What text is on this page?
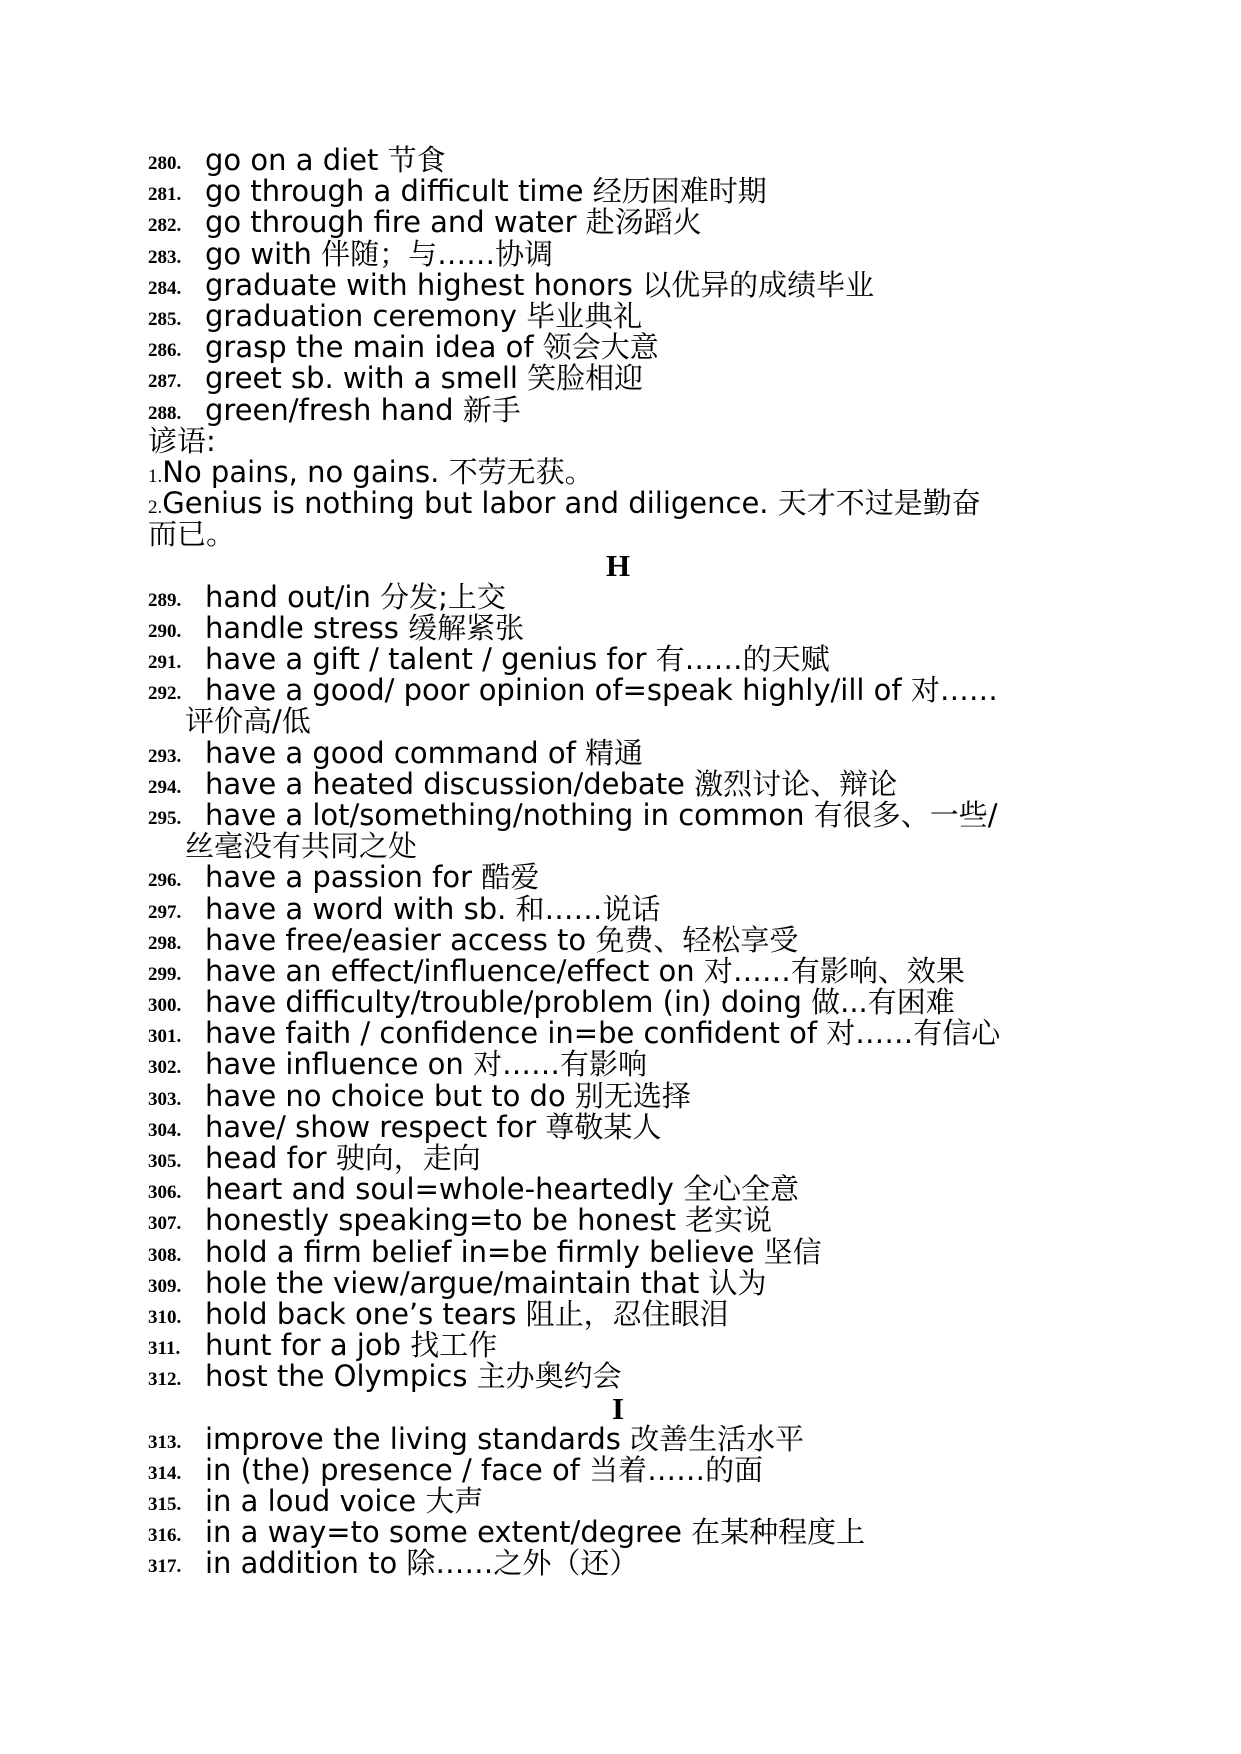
280. go on a diet 节食
281. go through a difficult time 经历困难时期
282. go through fire and water 赴汤蹈火
283. go with 伴随；与……协调
284. graduate with highest honors 以优异的成绩毕业
285. graduation ceremony 毕业典礼
286. grasp the main idea of 领会大意
287. greet sb. with a smell 笑脸相迎
288. green/fresh hand 新手
谚语:
1.No pains, no gains. 不劳无获。
2.Genius is nothing but labor and diligence. 天才不过是勤奋
而已。
H
289. hand out/in 分发;上交
290. handle stress 缓解紧张
291. have a gift / talent / genius for 有……的天赋
292. have a good/ poor opinion of=speak highly/ill of 对……
评价高/低
293. have a good command of 精通
294. have a heated discussion/debate 激烈讨论、辩论
295. have a lot/something/nothing in common 有很多、一些/
丝毫没有共同之处
296. have a passion for 酷爱
297. have a word with sb. 和……说话
298. have free/easier access to 免费、轻松享受
299. have an effect/influence/effect on 对……有影响、效果
300. have difficulty/trouble/problem (in) doing 做...有困难
301. have faith / confidence in=be confident of 对……有信心
302. have influence on 对……有影响
303. have no choice but to do 别无选择
304. have/ show respect for 尊敬某人
305. head for 驶向，走向
306. heart and soul=whole-heartedly 全心全意
307. honestly speaking=to be honest 老实说
308. hold a firm belief in=be firmly believe 坚信
309. hole the view/argue/maintain that 认为
310. hold back one’s tears 阻止，忍住眼泪
311. hunt for a job 找工作
312. host the Olympics 主办奥约会
I
313. improve the living standards 改善生活水平
314. in (the) presence / face of 当着……的面
315. in a loud voice 大声
316. in a way=to some extent/degree 在某种程度上
317. in addition to 除……之外（还）
